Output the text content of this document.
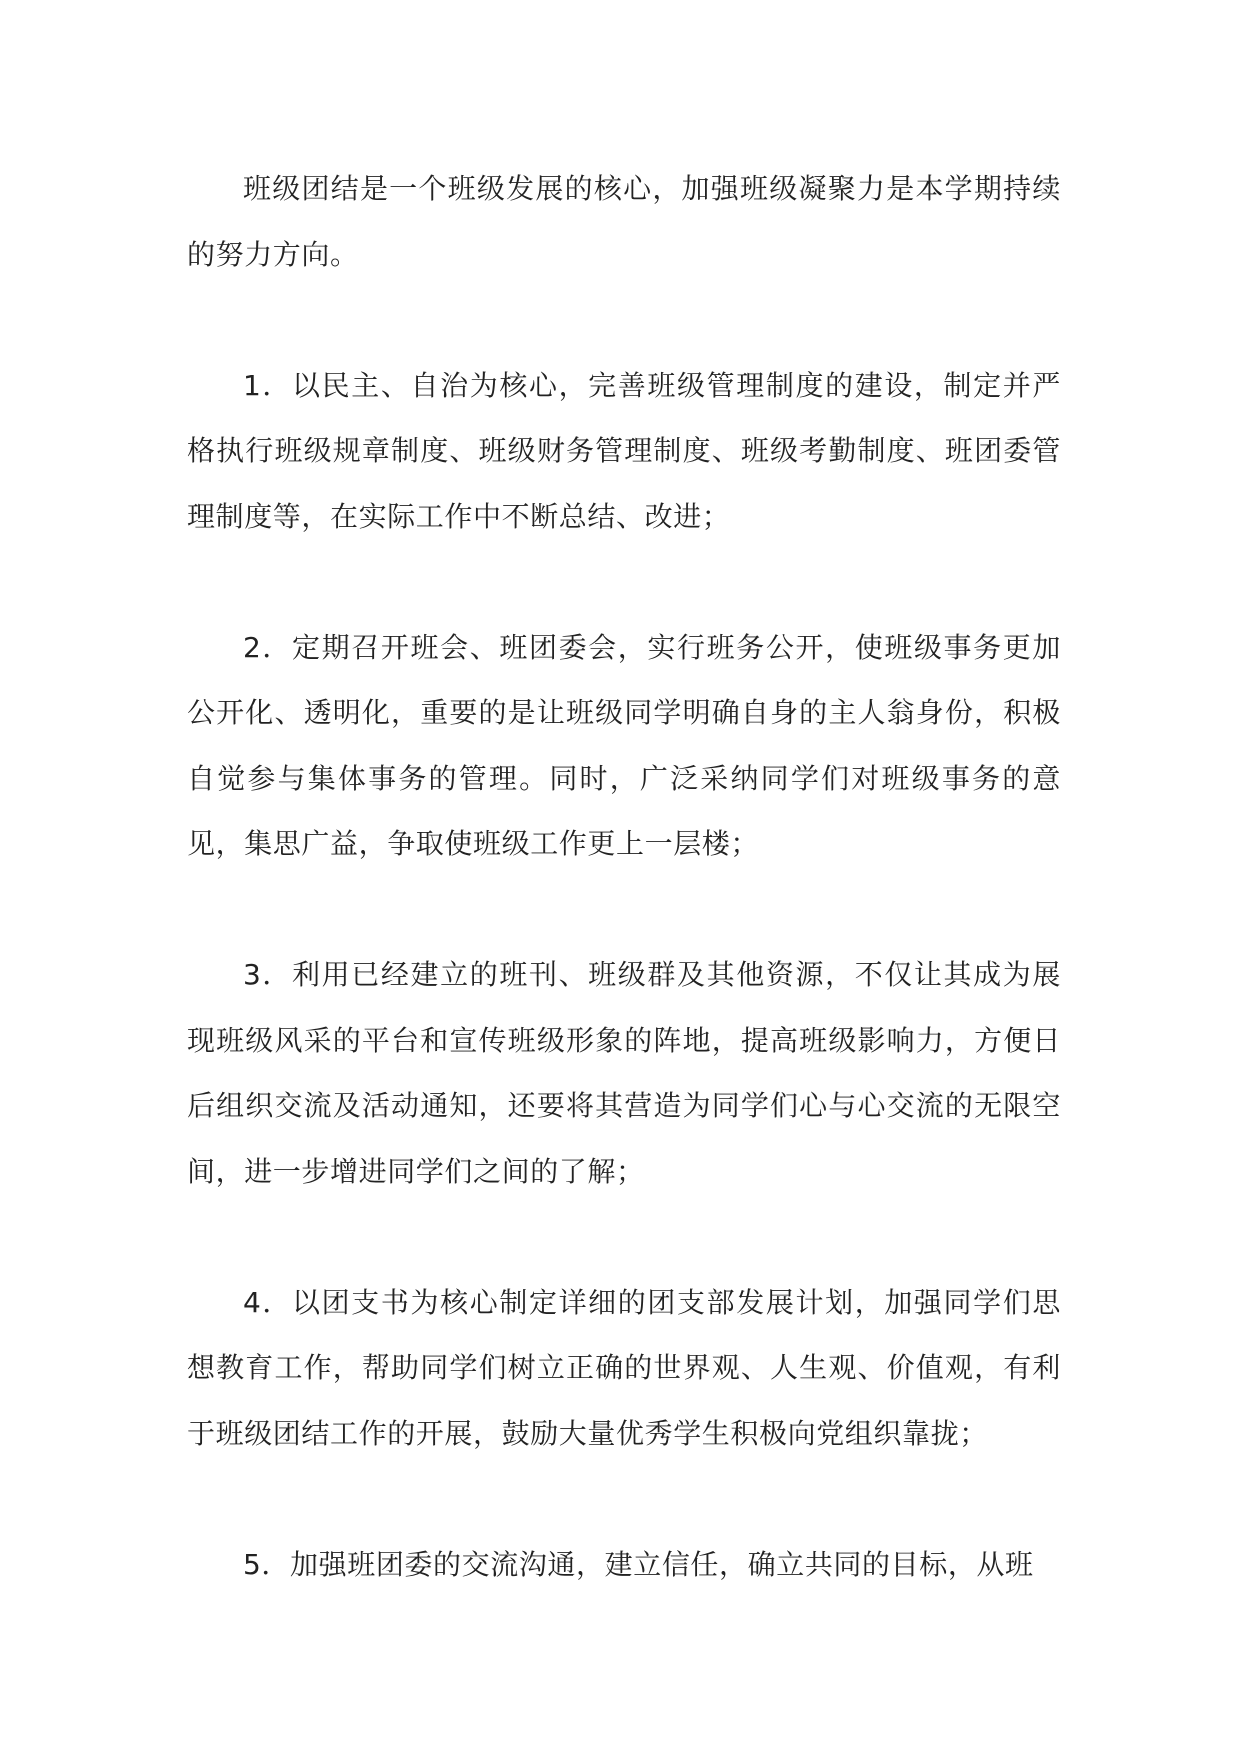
班级团结是一个班级发展的核心，加强班级凝聚力是本学期持续的努力方向。

1．以民主、自治为核心，完善班级管理制度的建设，制定并严格执行班级规章制度、班级财务管理制度、班级考勤制度、班团委管理制度等，在实际工作中不断总结、改进；

2．定期召开班会、班团委会，实行班务公开，使班级事务更加公开化、透明化，重要的是让班级同学明确自身的主人翁身份，积极自觉参与集体事务的管理。同时，广泛采纳同学们对班级事务的意见，集思广益，争取使班级工作更上一层楼；

3．利用已经建立的班刊、班级群及其他资源，不仅让其成为展现班级风采的平台和宣传班级形象的阵地，提高班级影响力，方便日后组织交流及活动通知，还要将其营造为同学们心与心交流的无限空间，进一步增进同学们之间的了解；

4．以团支书为核心制定详细的团支部发展计划，加强同学们思想教育工作，帮助同学们树立正确的世界观、人生观、价值观，有利于班级团结工作的开展，鼓励大量优秀学生积极向党组织靠拢；

5．加强班团委的交流沟通，建立信任，确立共同的目标，从班
